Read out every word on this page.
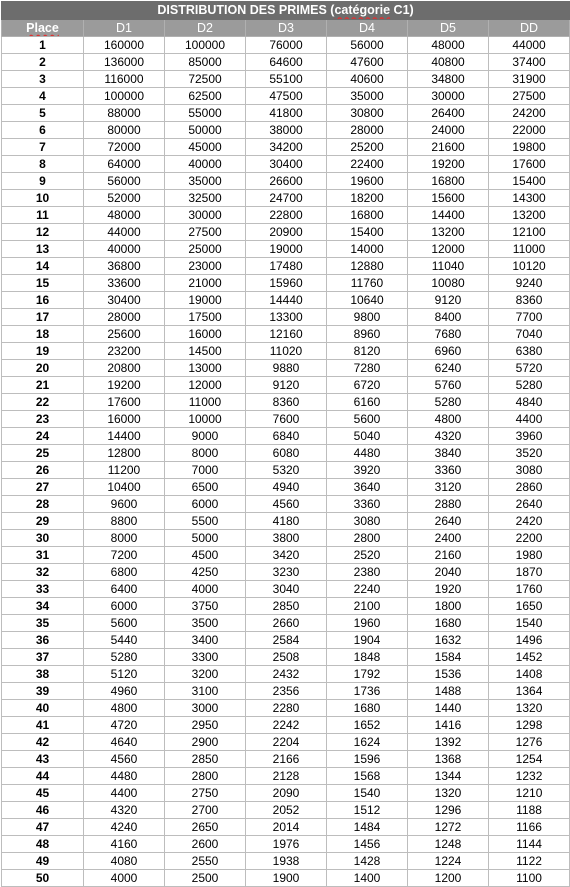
DISTRIBUTION DES PRIMES (catégorie C1)						
Place	D1	D2	D3	D4	D5	DD
1	160000	100000	76000	56000	48000	44000
2	136000	85000	64600	47600	40800	37400
3	116000	72500	55100	40600	34800	31900
4	100000	62500	47500	35000	30000	27500
5	88000	55000	41800	30800	26400	24200
6	80000	50000	38000	28000	24000	22000
7	72000	45000	34200	25200	21600	19800
8	64000	40000	30400	22400	19200	17600
9	56000	35000	26600	19600	16800	15400
10	52000	32500	24700	18200	15600	14300
11	48000	30000	22800	16800	14400	13200
12	44000	27500	20900	15400	13200	12100
13	40000	25000	19000	14000	12000	11000
14	36800	23000	17480	12880	11040	10120
15	33600	21000	15960	11760	10080	9240
16	30400	19000	14440	10640	9120	8360
17	28000	17500	13300	9800	8400	7700
18	25600	16000	12160	8960	7680	7040
19	23200	14500	11020	8120	6960	6380
20	20800	13000	9880	7280	6240	5720
21	19200	12000	9120	6720	5760	5280
22	17600	11000	8360	6160	5280	4840
23	16000	10000	7600	5600	4800	4400
24	14400	9000	6840	5040	4320	3960
25	12800	8000	6080	4480	3840	3520
26	11200	7000	5320	3920	3360	3080
27	10400	6500	4940	3640	3120	2860
28	9600	6000	4560	3360	2880	2640
29	8800	5500	4180	3080	2640	2420
30	8000	5000	3800	2800	2400	2200
31	7200	4500	3420	2520	2160	1980
32	6800	4250	3230	2380	2040	1870
33	6400	4000	3040	2240	1920	1760
34	6000	3750	2850	2100	1800	1650
35	5600	3500	2660	1960	1680	1540
36	5440	3400	2584	1904	1632	1496
37	5280	3300	2508	1848	1584	1452
38	5120	3200	2432	1792	1536	1408
39	4960	3100	2356	1736	1488	1364
40	4800	3000	2280	1680	1440	1320
41	4720	2950	2242	1652	1416	1298
42	4640	2900	2204	1624	1392	1276
43	4560	2850	2166	1596	1368	1254
44	4480	2800	2128	1568	1344	1232
45	4400	2750	2090	1540	1320	1210
46	4320	2700	2052	1512	1296	1188
47	4240	2650	2014	1484	1272	1166
48	4160	2600	1976	1456	1248	1144
49	4080	2550	1938	1428	1224	1122
50	4000	2500	1900	1400	1200	1100
